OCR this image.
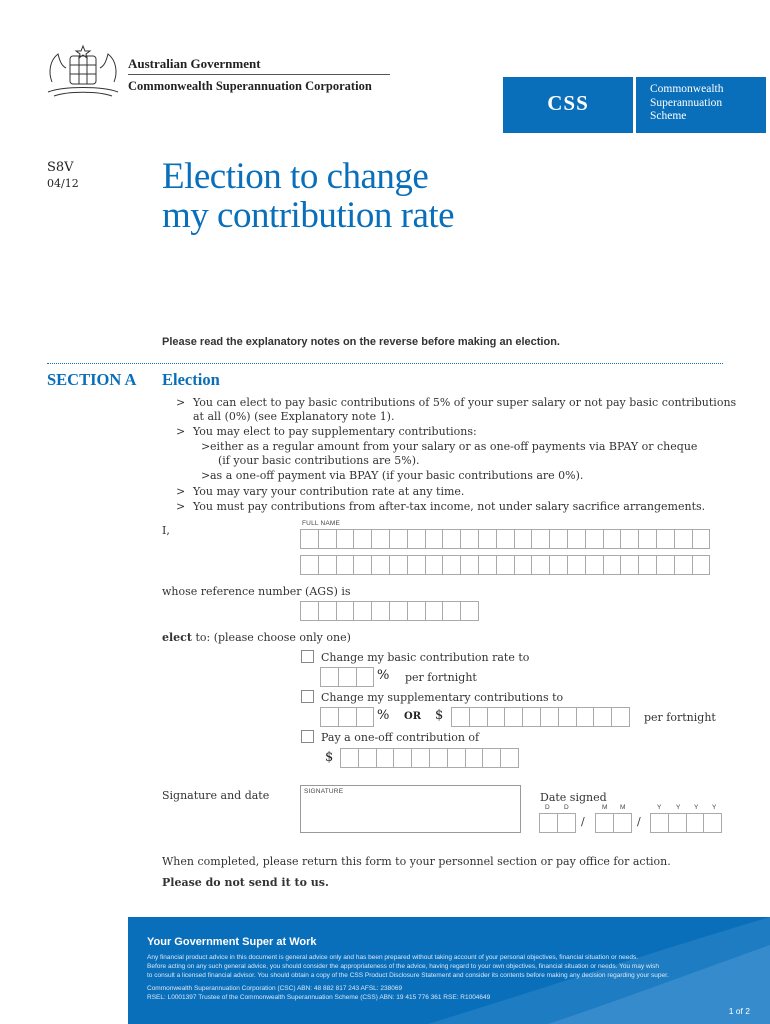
Australian Government
Commonwealth Superannuation Corporation
CSS
Commonwealth
Superannuation
Scheme
S8V
04/12 Election to change
my contribution rate
Please read the explanatory notes on the reverse before making an election.
SECTION A Election
> You can elect to pay basic contributions of 5% of your super salary or not pay basic contributions
at all (0%) (see Explanatory note 1).
> You may elect to pay supplementary contributions:
> either as a regular amount from your salary or as one-off payments via BPAY or cheque
(if your basic contributions are 5%).
> as a one-off payment via BPAY (if your basic contributions are 0%).
> You may vary your contribution rate at any time.
> You must pay contributions from after-tax income, not under salary sacrifice arrangements.
I,
FULL NAME
whose reference number (AGS) is
elect to: (please choose only one)
Change my basic contribution rate to
% per fortnight
Change my supplementary contributions to
% OR $	per fortnight
Pay a one-off contribution of
$
Signature and date	SIGNATURE	Date signed
D D	M M	Y Y Y Y
/	/
When completed, please return this form to your personnel section or pay office for action.
Please do not send it to us.
Your Government Super at Work
Any financial product advice in this document is general advice only and has been prepared without taking account of your personal objectives, financial situation or needs.
Before acting on any such general advice, you should consider the appropriateness of the advice, having regard to your own objectives, financial situation or needs. You may wish
to consult a licensed financial advisor. You should obtain a copy of the CSS Product Disclosure Statement and consider its contents before making any decision regarding your super.
Commonwealth Superannuation Corporation (CSC) ABN: 48 882 817 243 AFSL: 238069
RSEL: L0001397 Trustee of the Commonwealth Superannuation Scheme (CSS) ABN: 19 415 776 361 RSE: R1004649
1 of 2
